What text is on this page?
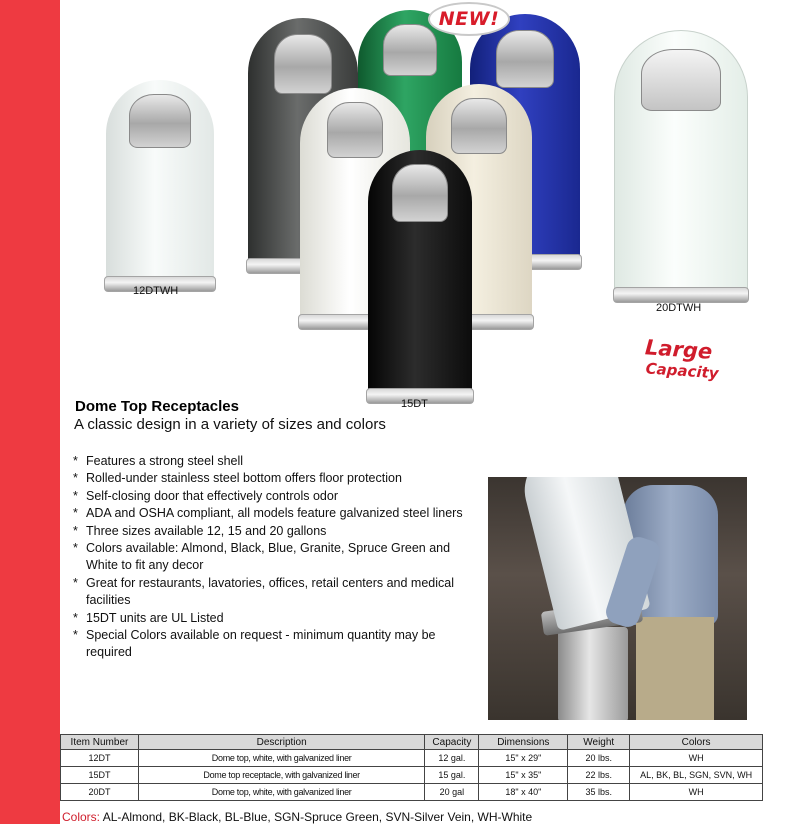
12DTWH
15DT
20DTWH
NEW!
Large
Capacity
Dome Top Receptacles
A classic design in a variety of sizes and colors
* Features a strong steel shell
* Rolled-under stainless steel bottom offers floor protection
* Self-closing door that effectively controls odor
* ADA and OSHA compliant, all models feature galvanized steel liners
* Three sizes available 12, 15 and 20 gallons
* Colors available: Almond, Black, Blue, Granite, Spruce Green and White to fit any decor
* Great for restaurants, lavatories, offices, retail centers and medical facilities
* 15DT units are UL Listed
* Special Colors available on request - minimum quantity may be required
Item Number	Description	Capacity	Dimensions	Weight	Colors
12DT	Dome top, white, with galvanized liner	12 gal.	15" x 29"	20 lbs.	WH
15DT	Dome top receptacle, with galvanized liner	15 gal.	15" x 35"	22 lbs.	AL, BK, BL, SGN, SVN, WH
20DT	Dome top, white, with galvanized liner	20 gal	18" x 40"	35 lbs.	WH
Colors: AL-Almond, BK-Black, BL-Blue, SGN-Spruce Green, SVN-Silver Vein, WH-White
